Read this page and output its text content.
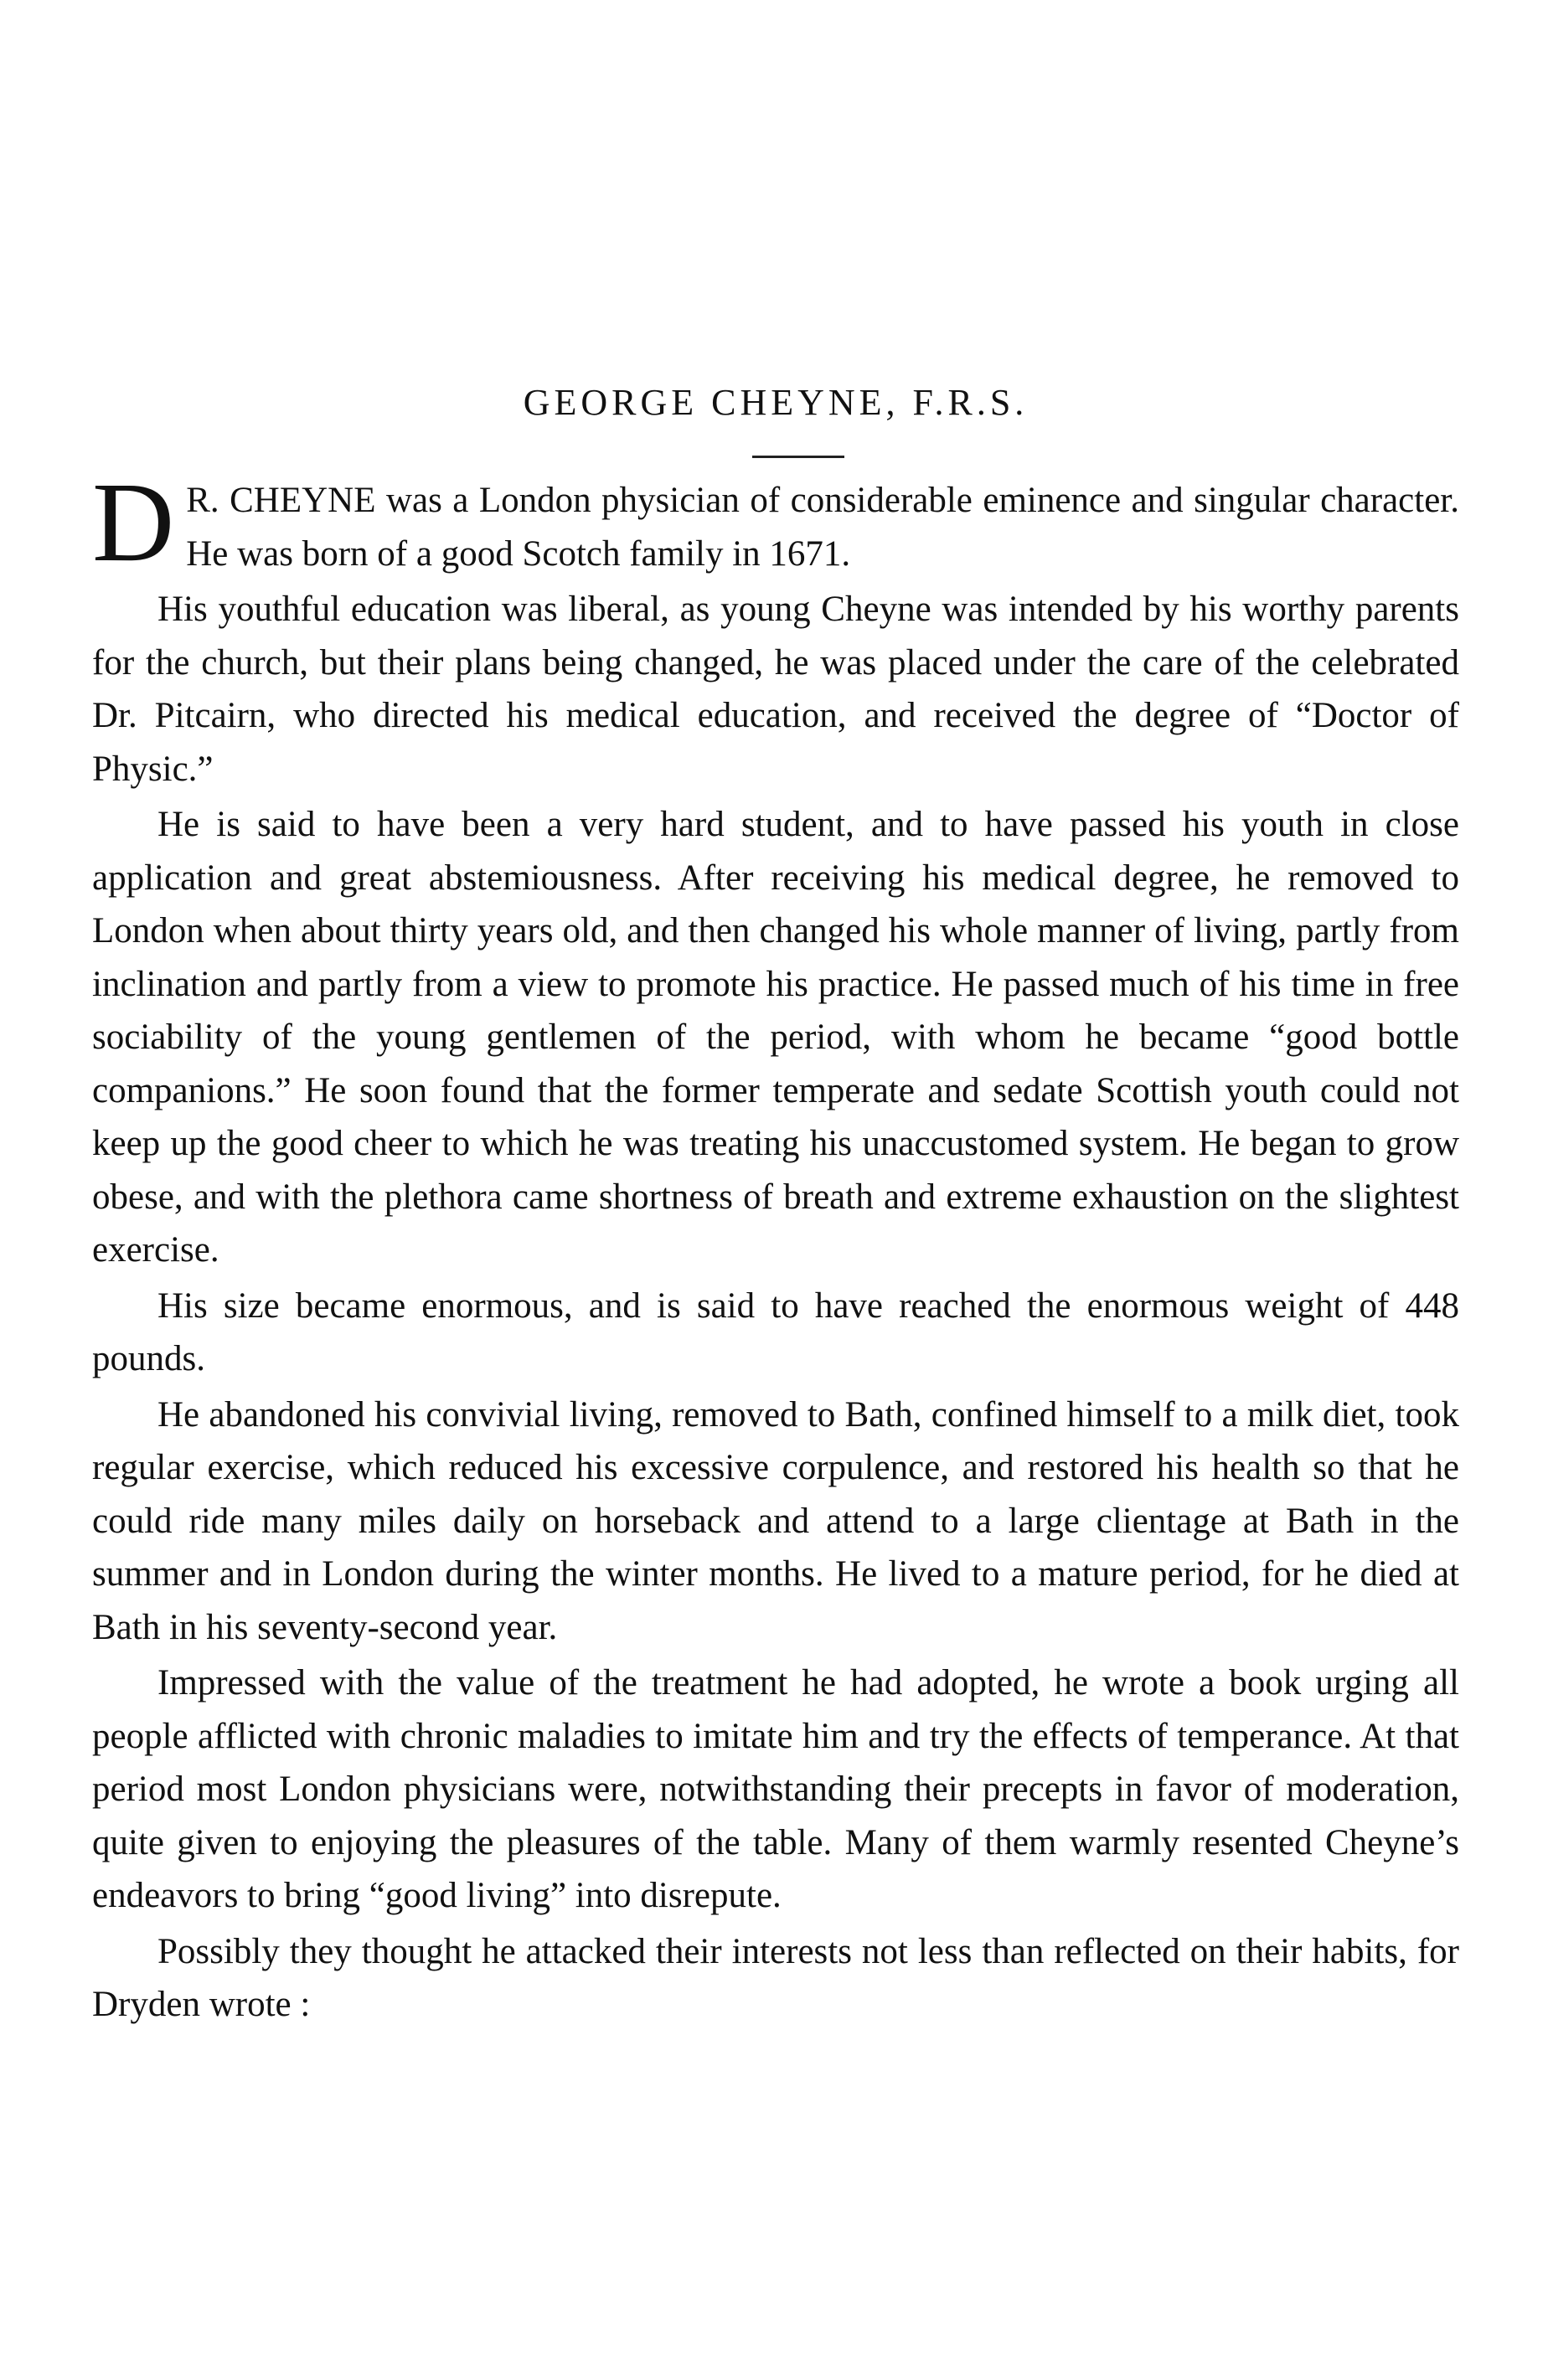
GEORGE CHEYNE, F.R.S.

D R. CHEYNE was a London physician of considerable eminence and singular character. He was born of a good Scotch family in 1671.

His youthful education was liberal, as young Cheyne was intended by his worthy parents for the church, but their plans being changed, he was placed under the care of the celebrated Dr. Pitcairn, who directed his medical education, and received the degree of “Doctor of Physic.”

He is said to have been a very hard student, and to have passed his youth in close application and great abstemiousness. After receiving his medical degree, he removed to London when about thirty years old, and then changed his whole manner of living, partly from inclination and partly from a view to promote his practice. He passed much of his time in free sociability of the young gentlemen of the period, with whom he became “good bottle companions.” He soon found that the former temperate and sedate Scottish youth could not keep up the good cheer to which he was treating his unaccustomed system. He began to grow obese, and with the plethora came shortness of breath and extreme exhaustion on the slightest exercise.

His size became enormous, and is said to have reached the enormous weight of 448 pounds.

He abandoned his convivial living, removed to Bath, confined himself to a milk diet, took regular exercise, which reduced his excessive corpulence, and restored his health so that he could ride many miles daily on horseback and attend to a large clientage at Bath in the summer and in London during the winter months. He lived to a mature period, for he died at Bath in his seventy-second year.

Impressed with the value of the treatment he had adopted, he wrote a book urging all people afflicted with chronic maladies to imitate him and try the effects of temperance. At that period most London physicians were, notwithstanding their precepts in favor of moderation, quite given to enjoying the pleasures of the table. Many of them warmly resented Cheyne’s endeavors to bring “good living” into disrepute.

Possibly they thought he attacked their interests not less than reflected on their habits, for Dryden wrote :
